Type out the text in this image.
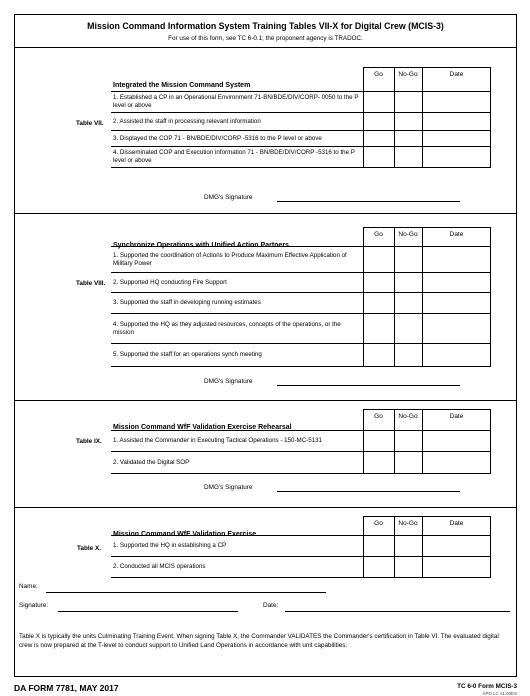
Mission Command Information System Training Tables VII-X for Digital Crew (MCIS-3)
For use of this form, see TC 6-0.1; the proponent agency is TRADOC.
Integrated the Mission Command System
Go	No-Go	Date
1. Established a CP in an Operational Environment 71-BN/BDE/DIV/CORP- 0050 to the P level or above
2. Assisted the staff in processing relevant information
3. Displayed the COP 71 - BN/BDE/DIV/CORP -5316 to the P level or above
4. Disseminated COP and Execution information 71 - BN/BDE/DIV/CORP -5316 to the P level or above
Table VII.
DMG's Signature
Synchronize Operations with Unified Action Partners
Go	No-Go	Date
1. Supported the coordination of Actions to Produce Maximum Effective Application of Military Power
2. Supported HQ conducting Fire Support
3. Supported the staff in developing running estimates
4. Supported the HQ as they adjusted resources, concepts of the operations, or the mission
5. Supported the staff for an operations synch meeting
Table VIII.
DMG's Signature
Mission Command WfF Validation Exercise Rehearsal
Go	No-Go	Date
1. Assisted the Commander in Executing Tactical Operations - 150-MC-5131
2. Validated the Digital SOP
Table IX.
DMG's Signature
Mission Command WfF Validation Exercise
Go	No-Go	Date
1. Supported the HQ in establishing a CP
2. Conducted all MCIS operations
Table X.
Name:
Signature:	Date:
Table X is typically the units Culminating Training Event. When signing Table X, the Commander VALIDATES the Commander's certification in Table VI. The evaluated digital crew is now prepared at the T-level to conduct support to Unified Land Operations in accordance with unit capabilities.
DA FORM 7781, MAY 2017	TC 6-0 Form MCIS-3
APD LC v1.00ES
